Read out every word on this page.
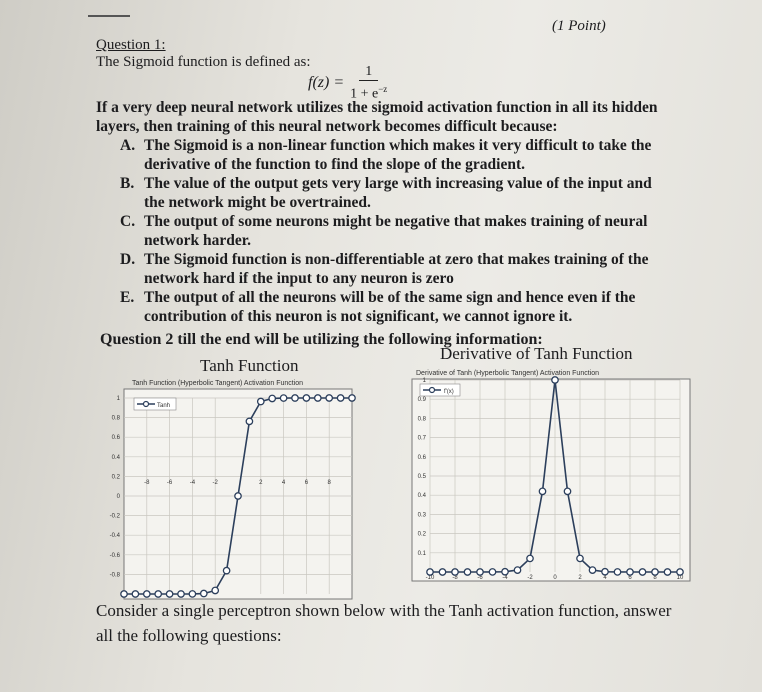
(1 Point)
Question 1:
The Sigmoid function is defined as:
$f(z) = \frac{1}{1 + e^{-z}}$
If a very deep neural network utilizes the sigmoid activation function in all its hidden
layers, then training of this neural network becomes difficult because:
A. The Sigmoid is a non-linear function which makes it very difficult to take the
derivative of the function to find the slope of the gradient.
B. The value of the output gets very large with increasing value of the input and
the network might be overtrained.
C. The output of some neurons might be negative that makes training of neural
network harder.
D. The Sigmoid function is non-differentiable at zero that makes training of the
network hard if the input to any neuron is zero
E. The output of all the neurons will be of the same sign and hence even if the
contribution of this neuron is not significant, we cannot ignore it.
Question 2 till the end will be utilizing the following information:
Tanh Function
Derivative of Tanh Function
Tanh Function (Hyperbolic Tangent) Activation Function
-8	-6	-4	-2	2	4	6	8
1
0.8
0.6
0.4
0.2
0
-0.2
-0.4
-0.6
-0.8
Tanh
Derivative of Tanh (Hyperbolic Tangent) Activation Function
-10	-8	-6	-4	-2	0	2	4	6	8	10
1
0.9
0.8
0.7
0.6
0.5
0.4
0.3
0.2
0.1
f'(x)
Consider a single perceptron shown below with the Tanh activation function, answer
all the following questions:
